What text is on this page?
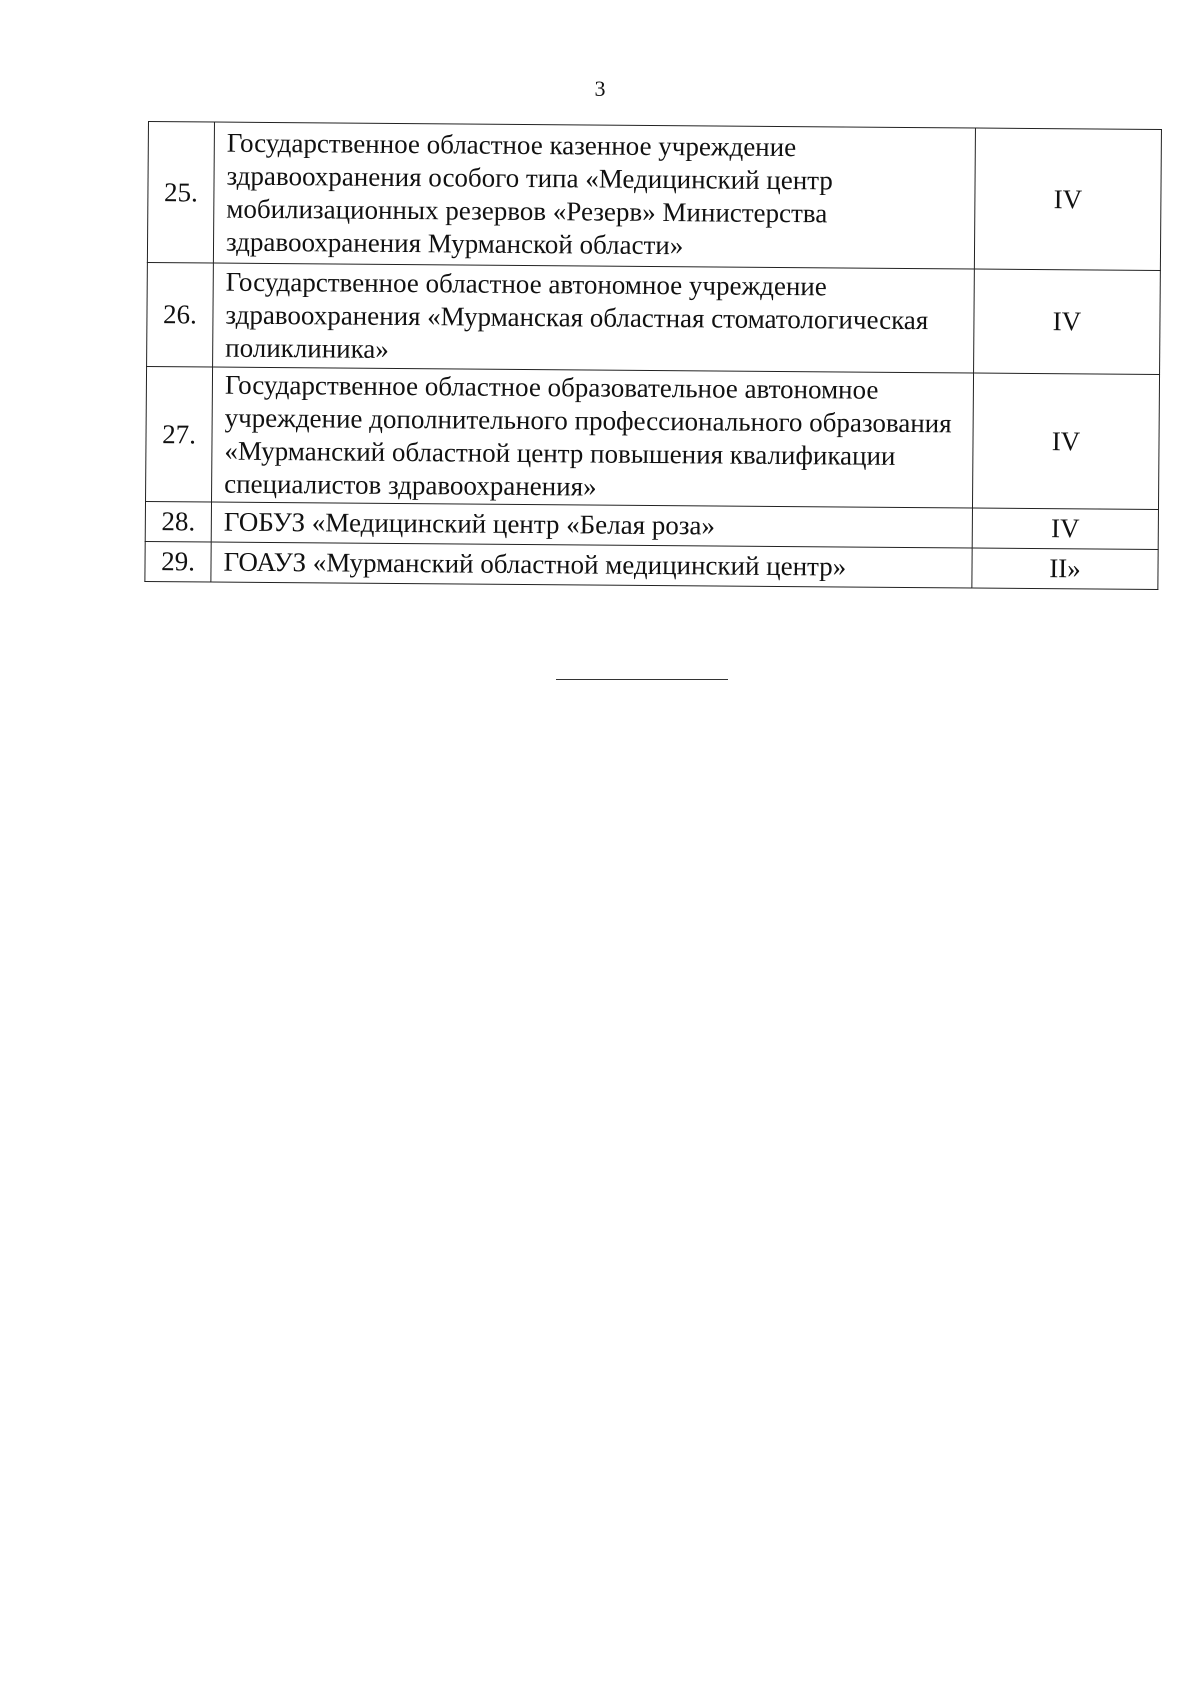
3
25.	Государственное областное казенное учреждение здравоохранения особого типа «Медицинский центр мобилизационных резервов «Резерв» Министерства здравоохранения Мурманской области»	IV
26.	Государственное областное автономное учреждение здравоохранения «Мурманская областная стоматологическая поликлиника»	IV
27.	Государственное областное образовательное автономное учреждение дополнительного профессионального образования «Мурманский областной центр повышения квалификации специалистов здравоохранения»	IV
28.	ГОБУЗ «Медицинский центр «Белая роза»	IV
29.	ГОАУЗ «Мурманский областной медицинский центр»	II»
